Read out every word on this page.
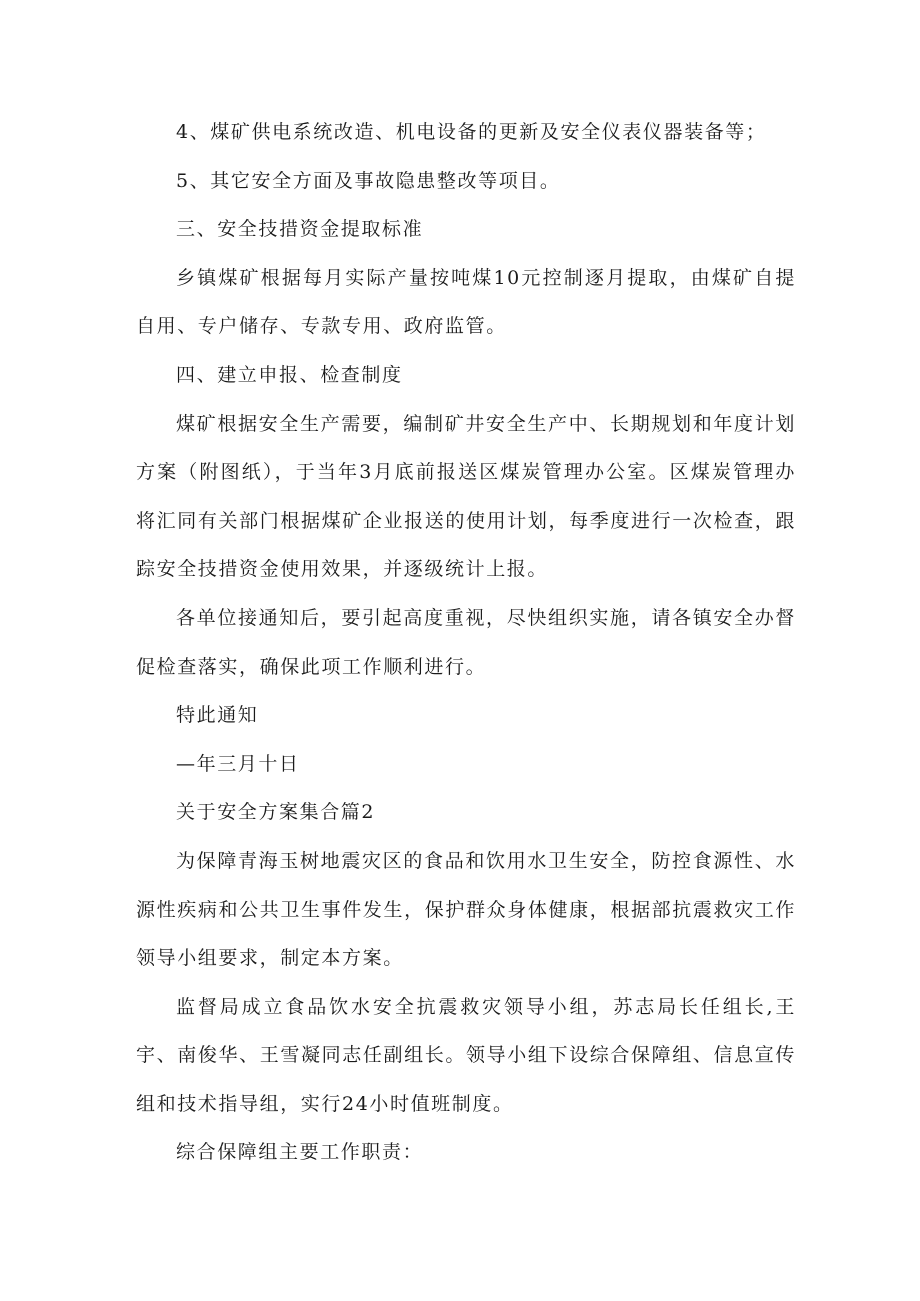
4、煤矿供电系统改造、机电设备的更新及安全仪表仪器装备等；

5、其它安全方面及事故隐患整改等项目。

三、安全技措资金提取标准

乡镇煤矿根据每月实际产量按吨煤10元控制逐月提取，由煤矿自提自用、专户储存、专款专用、政府监管。

四、建立申报、检查制度

煤矿根据安全生产需要，编制矿井安全生产中、长期规划和年度计划方案（附图纸），于当年3月底前报送区煤炭管理办公室。区煤炭管理办将汇同有关部门根据煤矿企业报送的使用计划，每季度进行一次检查，跟踪安全技措资金使用效果，并逐级统计上报。

各单位接通知后，要引起高度重视，尽快组织实施，请各镇安全办督促检查落实，确保此项工作顺利进行。

特此通知

—年三月十日

关于安全方案集合篇2

为保障青海玉树地震灾区的食品和饮用水卫生安全，防控食源性、水源性疾病和公共卫生事件发生，保护群众身体健康，根据部抗震救灾工作领导小组要求，制定本方案。

监督局成立食品饮水安全抗震救灾领导小组，苏志局长任组长,王宇、南俊华、王雪凝同志任副组长。领导小组下设综合保障组、信息宣传组和技术指导组，实行24小时值班制度。

综合保障组主要工作职责：
